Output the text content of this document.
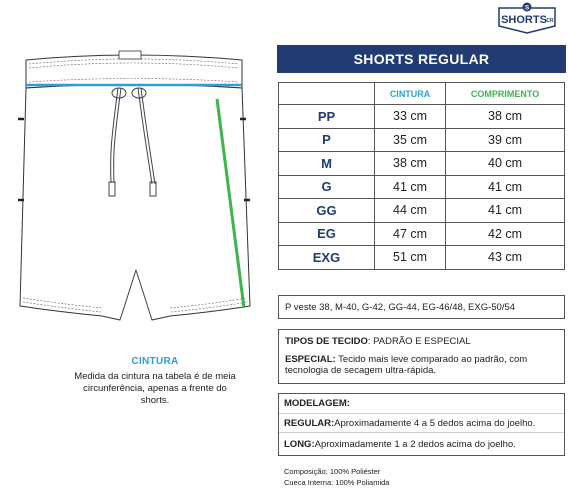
S
SHORTS CR
CINTURA
Medida da cintura na tabela é de meia circunferência, apenas a frente do shorts.
SHORTS REGULAR
	CINTURA	COMPRIMENTO
PP	33 cm	38 cm
P	35 cm	39 cm
M	38 cm	40 cm
G	41 cm	41 cm
GG	44 cm	41 cm
EG	47 cm	42 cm
EXG	51 cm	43 cm
P veste 38, M-40, G-42, GG-44, EG-46/48, EXG-50/54

TIPOS DE TECIDO: PADRÃO E ESPECIAL

ESPECIAL: Tecido mais leve comparado ao padrão, com tecnologia de secagem ultra-rápida.

MODELAGEM:
REGULAR: Aproximadamente 4 a 5 dedos acima do joelho.
LONG: Aproximadamente 1 a 2 dedos acima do joelho.
Composição: 100% Poliéster
Cueca Interna: 100% Poliamida
